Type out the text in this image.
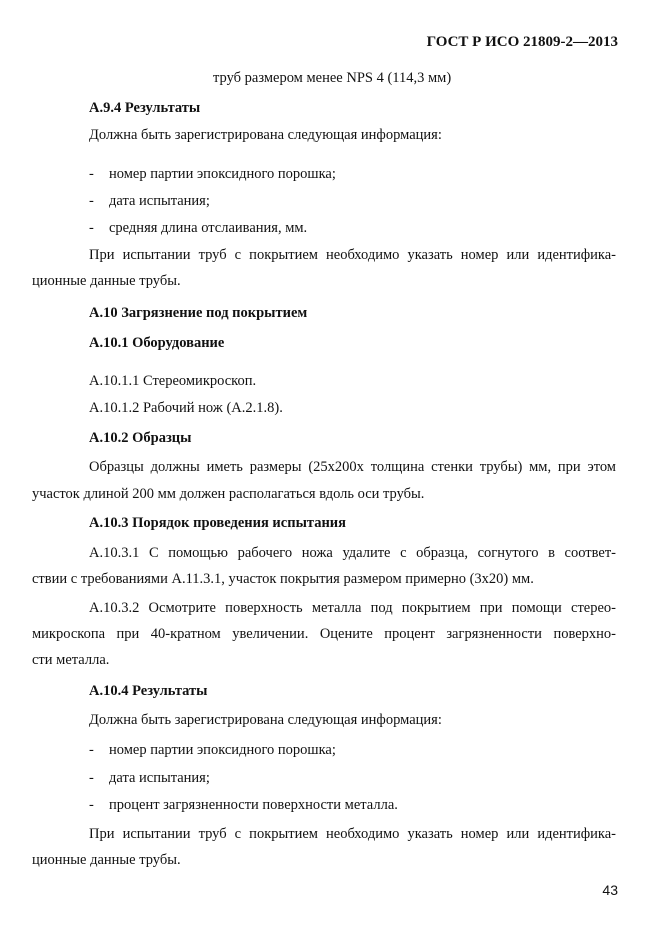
ГОСТ Р ИСО 21809-2—2013
труб размером менее NPS 4 (114,3 мм)
А.9.4 Результаты
Должна быть зарегистрирована следующая информация:
- номер партии эпоксидного порошка;
- дата испытания;
- средняя длина отслаивания, мм.
При испытании труб с покрытием необходимо указать номер или идентифика-
ционные данные трубы.
А.10 Загрязнение под покрытием
А.10.1 Оборудование
А.10.1.1 Стереомикроскоп.
А.10.1.2 Рабочий нож (А.2.1.8).
А.10.2 Образцы
Образцы должны иметь размеры (25х200х толщина стенки трубы) мм, при этом
участок длиной 200 мм должен располагаться вдоль оси трубы.
А.10.3 Порядок проведения испытания
А.10.3.1 С помощью рабочего ножа удалите с образца, согнутого в соответ-
ствии с требованиями А.11.3.1, участок покрытия размером примерно (3х20) мм.
А.10.3.2 Осмотрите поверхность металла под покрытием при помощи стерео-
микроскопа при 40-кратном увеличении. Оцените процент загрязненности поверхно-
сти металла.
А.10.4 Результаты
Должна быть зарегистрирована следующая информация:
- номер партии эпоксидного порошка;
- дата испытания;
- процент загрязненности поверхности металла.
При испытании труб с покрытием необходимо указать номер или идентифика-
ционные данные трубы.
43
